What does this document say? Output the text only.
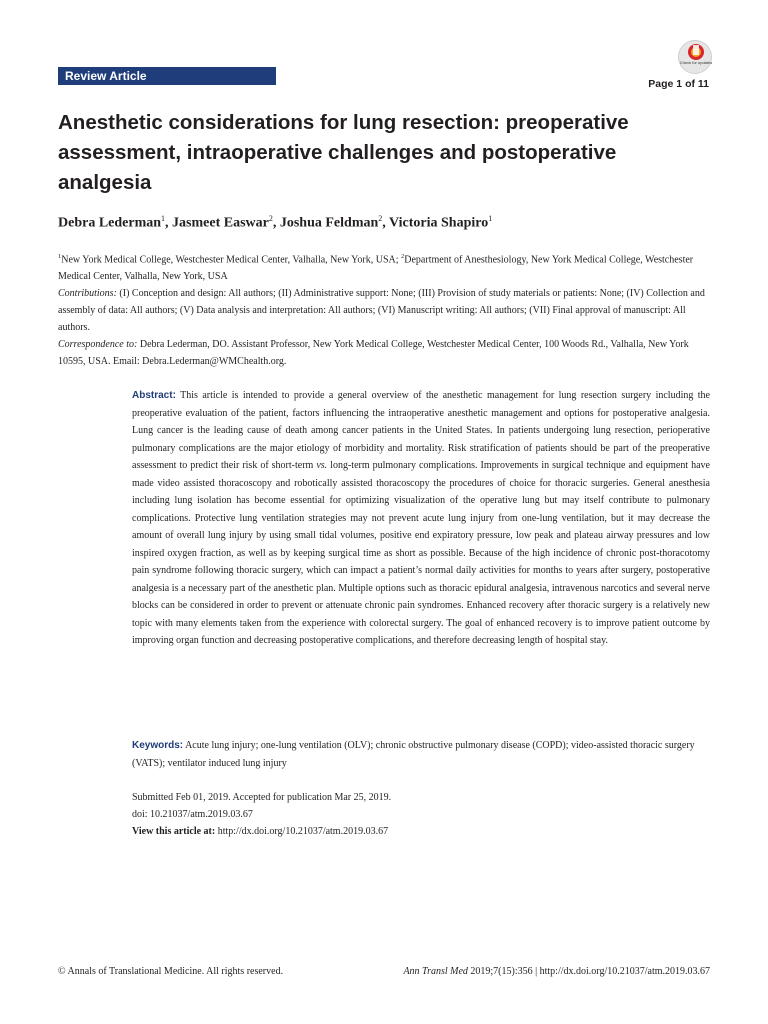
Review Article
Check for updates
Page 1 of 11
Anesthetic considerations for lung resection: preoperative assessment, intraoperative challenges and postoperative analgesia
Debra Lederman$^1$, Jasmeet Easwar$^2$, Joshua Feldman$^2$, Victoria Shapiro$^1$
$^1$New York Medical College, Westchester Medical Center, Valhalla, New York, USA; $^2$Department of Anesthesiology, New York Medical College, Westchester Medical Center, Valhalla, New York, USA
Contributions: (I) Conception and design: All authors; (II) Administrative support: None; (III) Provision of study materials or patients: None; (IV) Collection and assembly of data: All authors; (V) Data analysis and interpretation: All authors; (VI) Manuscript writing: All authors; (VII) Final approval of manuscript: All authors.
Correspondence to: Debra Lederman, DO. Assistant Professor, New York Medical College, Westchester Medical Center, 100 Woods Rd., Valhalla, New York 10595, USA. Email: Debra.Lederman@WMChealth.org.
Abstract: This article is intended to provide a general overview of the anesthetic management for lung resection surgery including the preoperative evaluation of the patient, factors influencing the intraoperative anesthetic management and options for postoperative analgesia. Lung cancer is the leading cause of death among cancer patients in the United States. In patients undergoing lung resection, perioperative pulmonary complications are the major etiology of morbidity and mortality. Risk stratification of patients should be part of the preoperative assessment to predict their risk of short-term vs. long-term pulmonary complications. Improvements in surgical technique and equipment have made video assisted thoracoscopy and robotically assisted thoracoscopy the procedures of choice for thoracic surgeries. General anesthesia including lung isolation has become essential for optimizing visualization of the operative lung but may itself contribute to pulmonary complications. Protective lung ventilation strategies may not prevent acute lung injury from one-lung ventilation, but it may decrease the amount of overall lung injury by using small tidal volumes, positive end expiratory pressure, low peak and plateau airway pressures and low inspired oxygen fraction, as well as by keeping surgical time as short as possible. Because of the high incidence of chronic post-thoracotomy pain syndrome following thoracic surgery, which can impact a patient’s normal daily activities for months to years after surgery, postoperative analgesia is a necessary part of the anesthetic plan. Multiple options such as thoracic epidural analgesia, intravenous narcotics and several nerve blocks can be considered in order to prevent or attenuate chronic pain syndromes. Enhanced recovery after thoracic surgery is a relatively new topic with many elements taken from the experience with colorectal surgery. The goal of enhanced recovery is to improve patient outcome by improving organ function and decreasing postoperative complications, and therefore decreasing length of hospital stay.
Keywords: Acute lung injury; one-lung ventilation (OLV); chronic obstructive pulmonary disease (COPD); video-assisted thoracic surgery (VATS); ventilator induced lung injury
Submitted Feb 01, 2019. Accepted for publication Mar 25, 2019.
doi: 10.21037/atm.2019.03.67
View this article at: http://dx.doi.org/10.21037/atm.2019.03.67
© Annals of Translational Medicine. All rights reserved.	Ann Transl Med 2019;7(15):356 | http://dx.doi.org/10.21037/atm.2019.03.67
